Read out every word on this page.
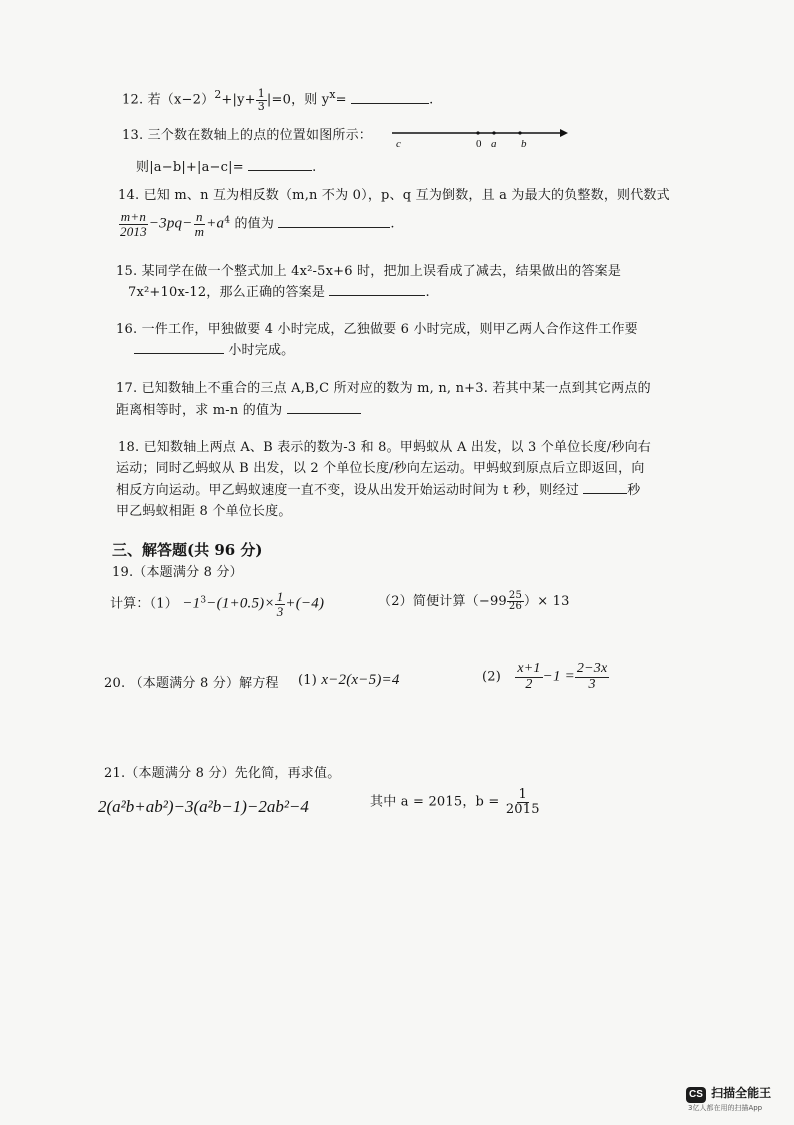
12. 若$(x-2)^2+|y+ \frac{1}{3} |=0$，则 $y^x=$	.
13. 三个数在数轴上的点的位置如图所示：
c	0 a b
则|a−b|+|a−c|=	.
14. 已知 m、n 互为相反数（m,n 不为 0），p、q 互为倒数，且 a 为最大的负整数，则代数式
$\frac{m+n}{2013} -3pq- \frac{n}{m} +a^4$ 的值为	.
15. 某同学在做一个整式加上 4x²-5x+6 时，把加上误看成了减去，结果做出的答案是
7x²+10x-12，那么正确的答案是	.
16. 一件工作，甲独做要 4 小时完成，乙独做要 6 小时完成，则甲乙两人合作这件工作要
小时完成。
17. 已知数轴上不重合的三点 A,B,C 所对应的数为 m, n, n+3. 若其中某一点到其它两点的
距离相等时，求 m-n 的值为
18. 已知数轴上两点 A、B 表示的数为-3 和 8。甲蚂蚁从 A 出发，以 3 个单位长度/秒向右
运动；同时乙蚂蚁从 B 出发，以 2 个单位长度/秒向左运动。甲蚂蚁到原点后立即返回，向
相反方向运动。甲乙蚂蚁速度一直不变，设从出发开始运动时间为 t 秒，则经过	秒
甲乙蚂蚁相距 8 个单位长度。
三、解答题(共 96 分)
19.（本题满分 8 分）
计算：$(1) -1^3-(1+0.5)\times \frac{1}{3} +(-4)$	（2）简便计算（$-99 \frac{25}{26}$ ）× 13
20. （本题满分 8 分）解方程 (1) x−2(x−5)=4	$(2) \frac{x+1}{2} -1 = \frac{2-3x}{3}$
21.（本题满分 8 分）先化简，再求值。
2(a²b+ab²)−3(a²b−1)−2ab²−4	其中 a = 2015，$b = \frac{1}{2015}$
CS 扫描全能王
3亿人都在用的扫描App
